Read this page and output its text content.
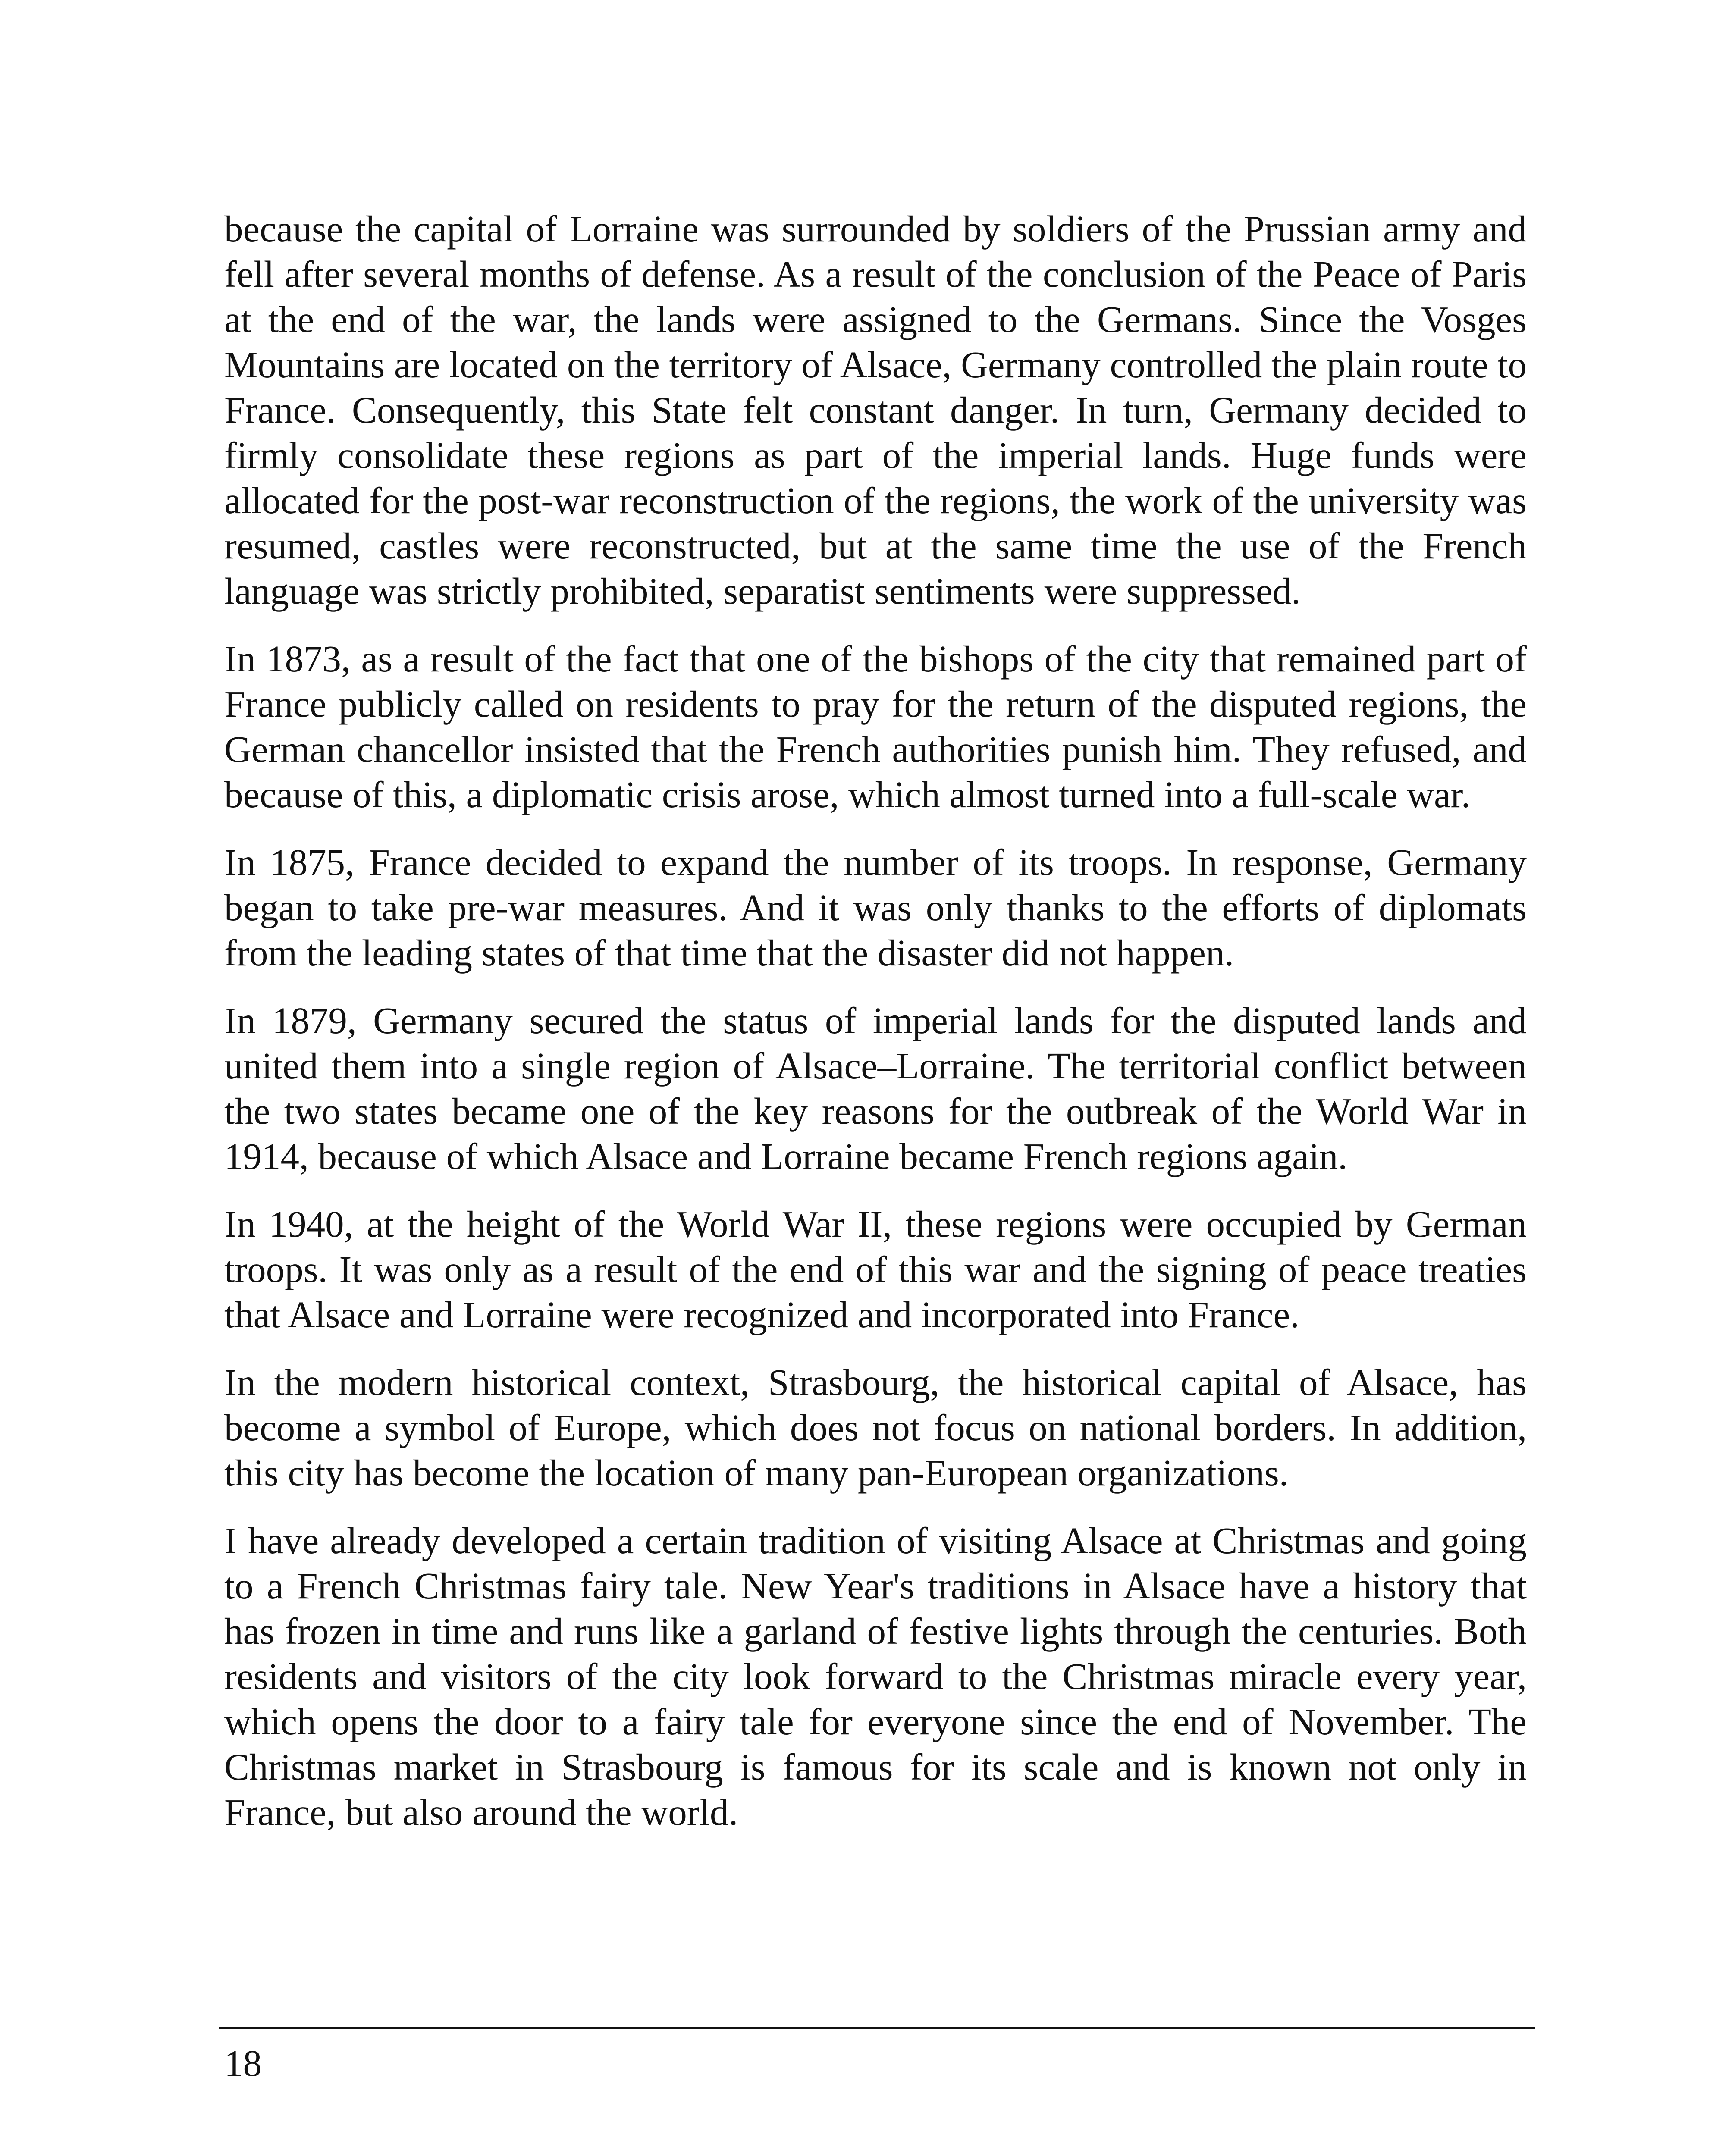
because the capital of Lorraine was surrounded by soldiers of the Prussian army and fell after several months of defense. As a result of the conclusion of the Peace of Paris at the end of the war, the lands were assigned to the Germans. Since the Vosges Mountains are located on the territory of Alsace, Germany controlled the plain route to France. Consequently, this State felt constant danger. In turn, Germany decided to firmly consolidate these regions as part of the imperial lands. Huge funds were allocated for the post-war reconstruction of the regions, the work of the university was resumed, castles were reconstructed, but at the same time the use of the French language was strictly prohibited, separatist sentiments were suppressed.

In 1873, as a result of the fact that one of the bishops of the city that remained part of France publicly called on residents to pray for the return of the disputed regions, the German chancellor insisted that the French authorities punish him. They refused, and because of this, a diplomatic crisis arose, which almost turned into a full-scale war.

In 1875, France decided to expand the number of its troops. In response, Germany began to take pre-war measures. And it was only thanks to the efforts of diplomats from the leading states of that time that the disaster did not happen.

In 1879, Germany secured the status of imperial lands for the disputed lands and united them into a single region of Alsace–Lorraine. The territorial conflict between the two states became one of the key reasons for the outbreak of the World War in 1914, because of which Alsace and Lorraine became French regions again.

In 1940, at the height of the World War II, these regions were occupied by German troops. It was only as a result of the end of this war and the signing of peace treaties that Alsace and Lorraine were recognized and incorporated into France.

In the modern historical context, Strasbourg, the historical capital of Alsace, has become a symbol of Europe, which does not focus on national borders. In addition, this city has become the location of many pan-European organizations.

I have already developed a certain tradition of visiting Alsace at Christmas and going to a French Christmas fairy tale. New Year's traditions in Alsace have a history that has frozen in time and runs like a garland of festive lights through the centuries. Both residents and visitors of the city look forward to the Christmas miracle every year, which opens the door to a fairy tale for everyone since the end of November. The Christmas market in Strasbourg is famous for its scale and is known not only in France, but also around the world.

18
